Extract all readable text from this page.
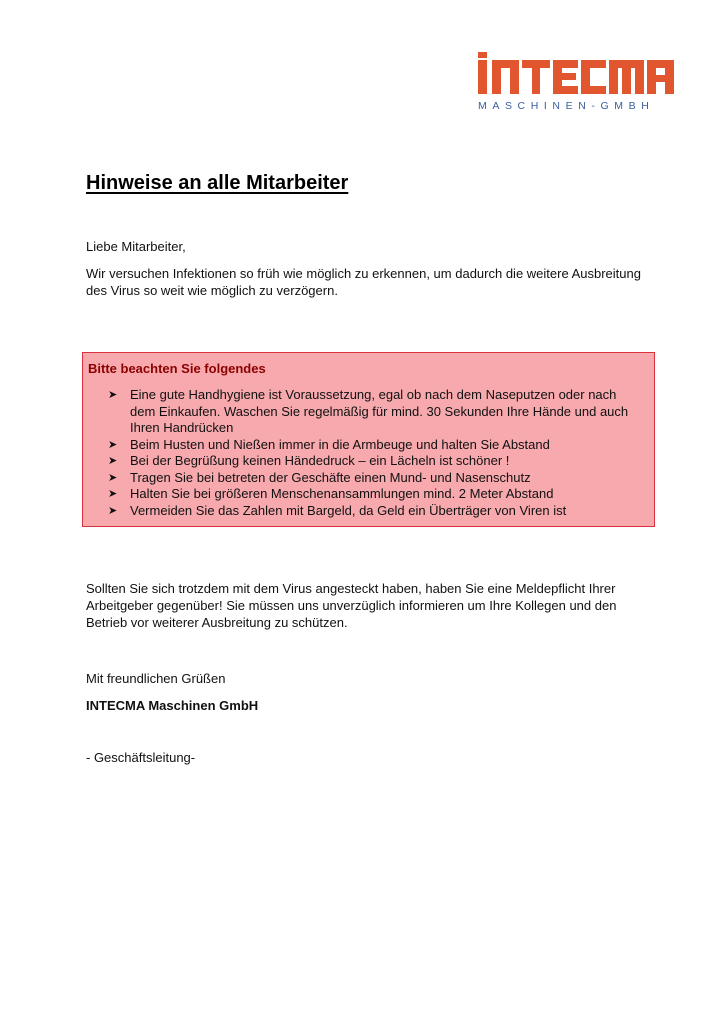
MASCHINEN-GMBH
Hinweise an alle Mitarbeiter

Liebe Mitarbeiter,

Wir versuchen Infektionen so früh wie möglich zu erkennen, um dadurch die weitere Ausbreitung des Virus so weit wie möglich zu verzögern.

Bitte beachten Sie folgendes

➤ Eine gute Handhygiene ist Voraussetzung, egal ob nach dem Naseputzen oder nach dem Einkaufen. Waschen Sie regelmäßig für mind. 30 Sekunden Ihre Hände und auch Ihren Handrücken
➤ Beim Husten und Nießen immer in die Armbeuge und halten Sie Abstand
➤ Bei der Begrüßung keinen Händedruck – ein Lächeln ist schöner !
➤ Tragen Sie bei betreten der Geschäfte einen Mund- und Nasenschutz
➤ Halten Sie bei größeren Menschenansammlungen mind. 2 Meter Abstand
➤ Vermeiden Sie das Zahlen mit Bargeld, da Geld ein Überträger von Viren ist

Sollten Sie sich trotzdem mit dem Virus angesteckt haben, haben Sie eine Meldepflicht Ihrer Arbeitgeber gegenüber! Sie müssen uns unverzüglich informieren um Ihre Kollegen und den Betrieb vor weiterer Ausbreitung zu schützen.

Mit freundlichen Grüßen

INTECMA Maschinen GmbH

- Geschäftsleitung-
